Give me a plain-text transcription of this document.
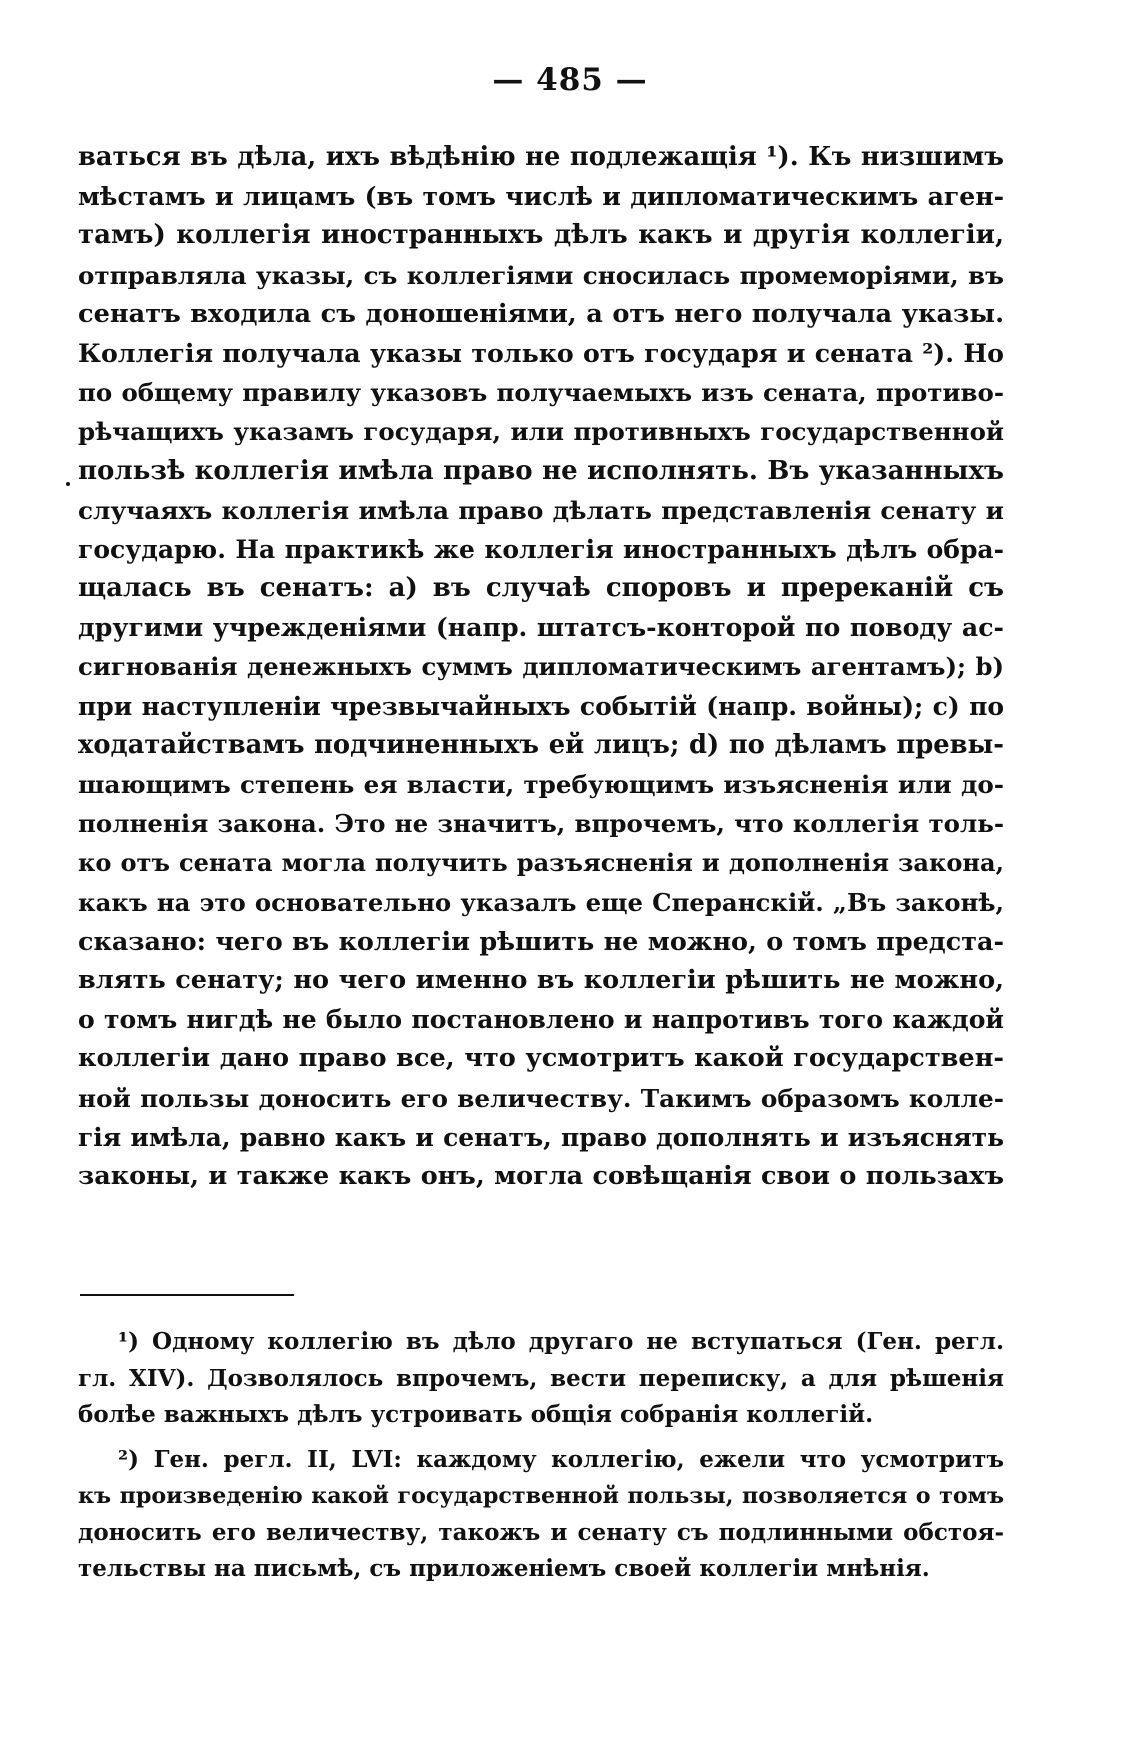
— 485 —
ваться въ дѣла, ихъ вѣдѣнію не подлежащія ¹). Къ низшимъ
мѣстамъ и лицамъ (въ томъ числѣ и дипломатическимъ аген-
тамъ) коллегія иностранныхъ дѣлъ какъ и другія коллегіи,
отправляла указы, съ коллегіями сносилась промеморіями, въ
сенатъ входила съ доношеніями, а отъ него получала указы.
Коллегія получала указы только отъ государя и сената ²). Но
по общему правилу указовъ получаемыхъ изъ сената, противо-
рѣчащихъ указамъ государя, или противныхъ государственной
пользѣ коллегія имѣла право не исполнять. Въ указанныхъ
случаяхъ коллегія имѣла право дѣлать представленія сенату и
государю. На практикѣ же коллегія иностранныхъ дѣлъ обра-
щалась въ сенатъ: a) въ случаѣ споровъ и пререканій съ
другими учрежденіями (напр. штатсъ-конторой по поводу ас-
сигнованія денежныхъ суммъ дипломатическимъ агентамъ); b)
при наступленіи чрезвычайныхъ событій (напр. войны); c) по
ходатайствамъ подчиненныхъ ей лицъ; d) по дѣламъ превы-
шающимъ степень ея власти, требующимъ изъясненія или до-
полненія закона. Это не значитъ, впрочемъ, что коллегія толь-
ко отъ сената могла получить разъясненія и дополненія закона,
какъ на это основательно указалъ еще Сперанскій. „Въ законѣ,
сказано: чего въ коллегіи рѣшить не можно, о томъ предста-
влять сенату; но чего именно въ коллегіи рѣшить не можно,
о томъ нигдѣ не было постановлено и напротивъ того каждой
коллегіи дано право все, что усмотритъ какой государствен-
ной пользы доносить его величеству. Такимъ образомъ колле-
гія имѣла, равно какъ и сенатъ, право дополнять и изъяснять
законы, и также какъ онъ, могла совѣщанія свои о пользахъ
¹) Одному коллегію въ дѣло другаго не вступаться (Ген. регл.
гл. XIV). Дозволялось впрочемъ, вести переписку, а для рѣшенія
болѣе важныхъ дѣлъ устроивать общія собранія коллегій.
²) Ген. регл. II, LVI: каждому коллегію, ежели что усмотритъ
къ произведенію какой государственной пользы, позволяется о томъ
доносить его величеству, такожъ и сенату съ подлинными обстоя-
тельствы на письмѣ, съ приложеніемъ своей коллегіи мнѣнія.
